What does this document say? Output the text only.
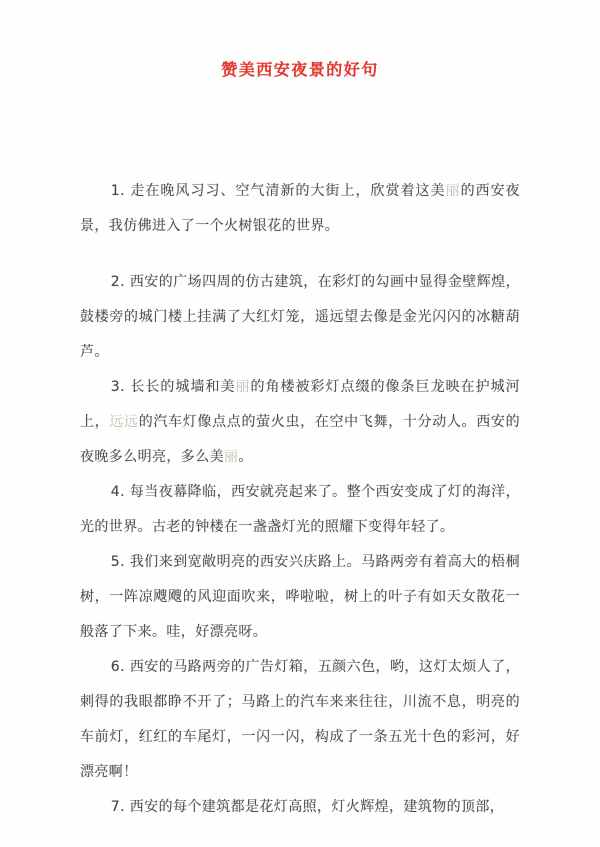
赞美西安夜景的好句

1. 走在晚风习习、空气清新的大街上，欣赏着这美丽的西安夜景，我仿佛进入了一个火树银花的世界。

2. 西安的广场四周的仿古建筑，在彩灯的勾画中显得金壁辉煌，鼓楼旁的城门楼上挂满了大红灯笼，遥远望去像是金光闪闪的冰糖葫芦。

3. 长长的城墙和美丽的角楼被彩灯点缀的像条巨龙映在护城河上，远远的汽车灯像点点的萤火虫，在空中飞舞，十分动人。西安的夜晚多么明亮，多么美丽。

4. 每当夜幕降临，西安就亮起来了。整个西安变成了灯的海洋，光的世界。古老的钟楼在一盏盏灯光的照耀下变得年轻了。

5. 我们来到宽敞明亮的西安兴庆路上。马路两旁有着高大的梧桐树，一阵凉飕飕的风迎面吹来，哗啦啦，树上的叶子有如天女散花一般落了下来。哇，好漂亮呀。

6. 西安的马路两旁的广告灯箱，五颜六色，哟，这灯太烦人了，刺得的我眼都睁不开了；马路上的汽车来来往往，川流不息，明亮的车前灯，红红的车尾灯，一闪一闪，构成了一条五光十色的彩河，好漂亮啊！

7. 西安的每个建筑都是花灯高照，灯火辉煌，建筑物的顶部，
